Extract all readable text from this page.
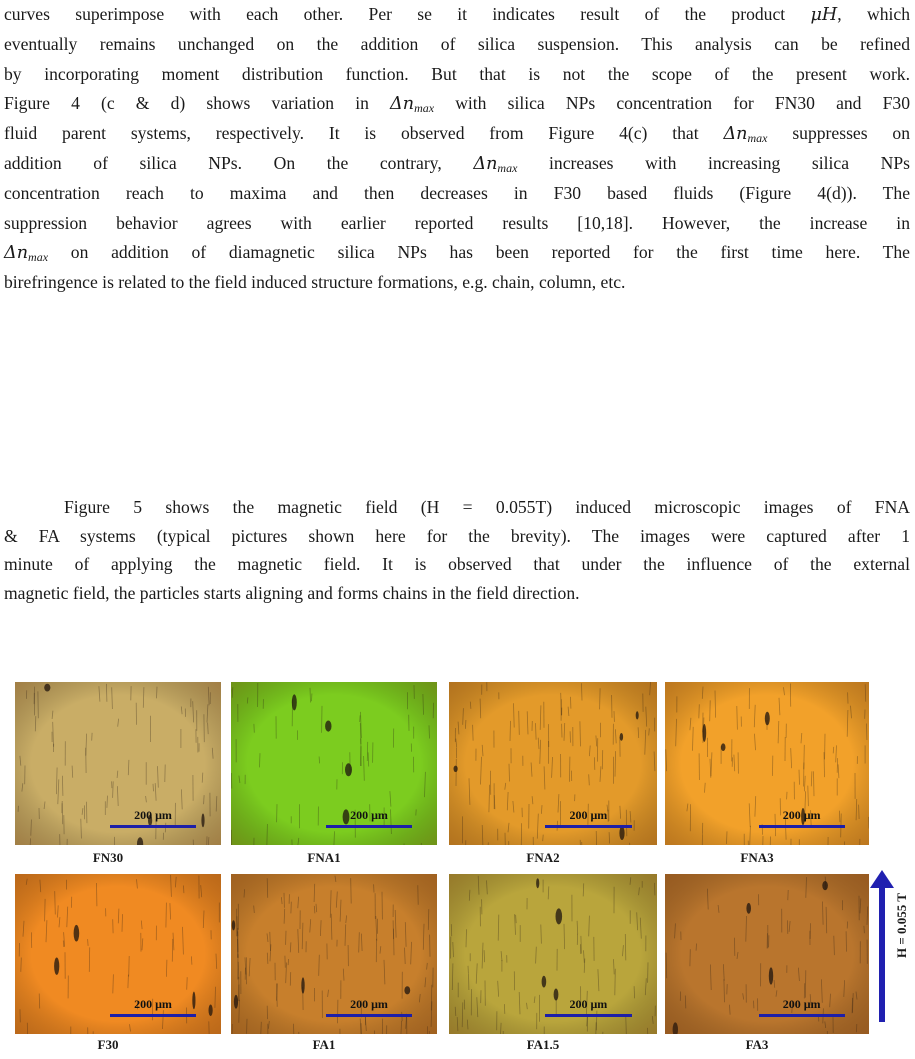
curves superimpose with each other. Per se it indicates result of the product μH, which
eventually remains unchanged on the addition of silica suspension. This analysis can be refined
by incorporating moment distribution function. But that is not the scope of the present work.
Figure 4 (c & d) shows variation in $\Delta n_{max}$ with silica NPs concentration for FN30 and F30
fluid parent systems, respectively. It is observed from Figure 4(c) that $\Delta n_{max}$ suppresses on
addition of silica NPs. On the contrary, $\Delta n_{max}$ increases with increasing silica NPs
concentration reach to maxima and then decreases in F30 based fluids (Figure 4(d)). The
suppression behavior agrees with earlier reported results [10,18]. However, the increase in
$\Delta n_{max}$ on addition of diamagnetic silica NPs has been reported for the first time here. The
birefringence is related to the field induced structure formations, e.g. chain, column, etc.
Figure 5 shows the magnetic field (H = 0.055T) induced microscopic images of FNA
& FA systems (typical pictures shown here for the brevity). The images were captured after 1
minute of applying the magnetic field. It is observed that under the influence of the external
magnetic field, the particles starts aligning and forms chains in the field direction.
200 μm
FN30
200 μm
FNA1
200 μm
FNA2
200 μm
FNA3
200 μm
F30
200 μm
FA1
200 μm
FA1.5
200 μm
FA3
H = 0.055 T
